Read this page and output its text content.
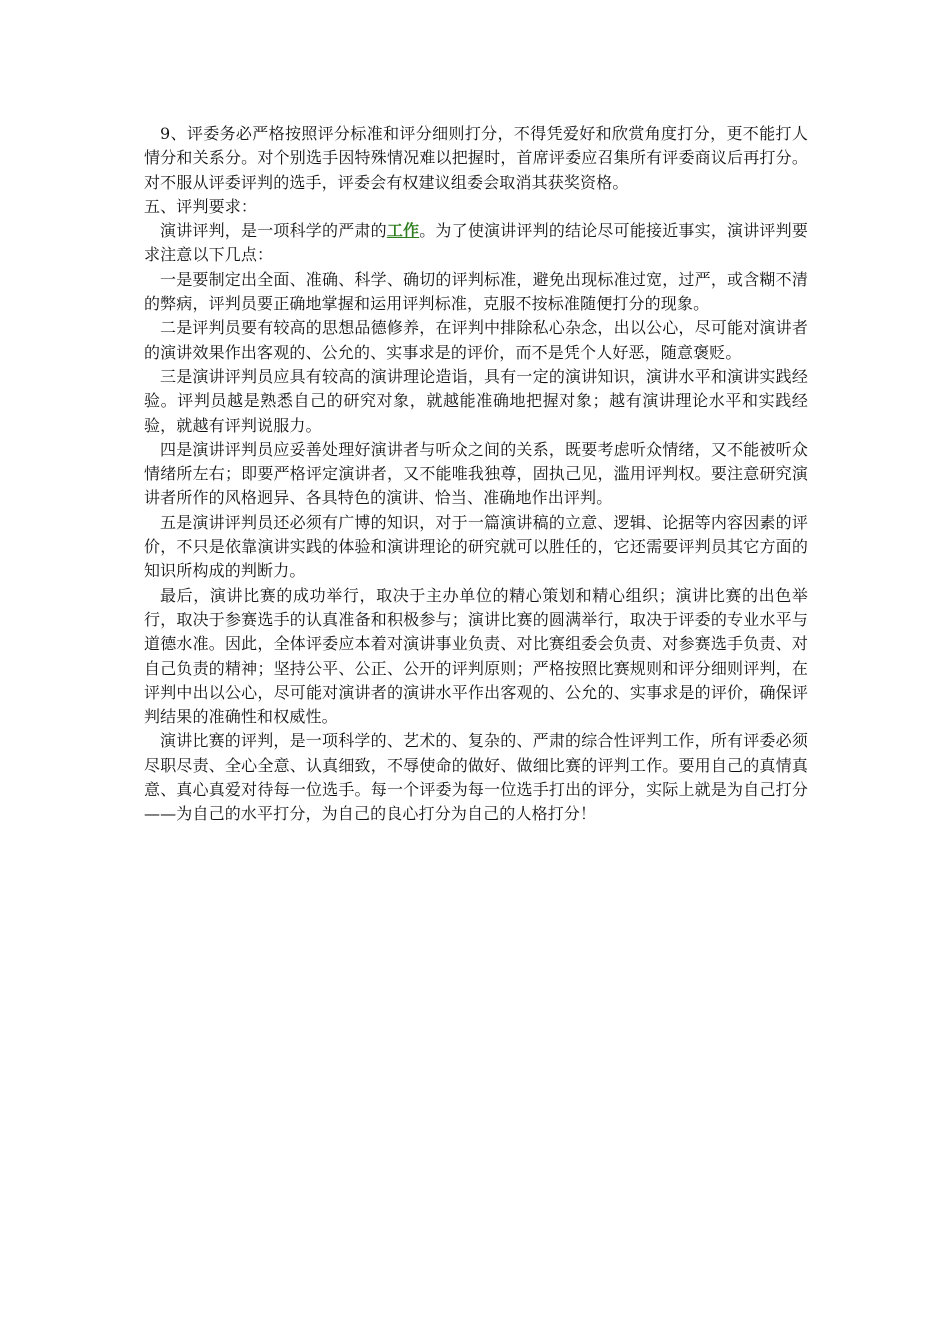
9、评委务必严格按照评分标准和评分细则打分，不得凭爱好和欣赏角度打分，更不能打人情分和关系分。对个别选手因特殊情况难以把握时，首席评委应召集所有评委商议后再打分。对不服从评委评判的选手，评委会有权建议组委会取消其获奖资格。

五、评判要求：

演讲评判，是一项科学的严肃的工作。为了使演讲评判的结论尽可能接近事实，演讲评判要求注意以下几点：

一是要制定出全面、准确、科学、确切的评判标准，避免出现标准过宽，过严，或含糊不清的弊病，评判员要正确地掌握和运用评判标准，克服不按标准随便打分的现象。

二是评判员要有较高的思想品德修养，在评判中排除私心杂念，出以公心，尽可能对演讲者的演讲效果作出客观的、公允的、实事求是的评价，而不是凭个人好恶，随意褒贬。

三是演讲评判员应具有较高的演讲理论造诣，具有一定的演讲知识，演讲水平和演讲实践经验。评判员越是熟悉自己的研究对象，就越能准确地把握对象；越有演讲理论水平和实践经验，就越有评判说服力。

四是演讲评判员应妥善处理好演讲者与听众之间的关系，既要考虑听众情绪，又不能被听众情绪所左右；即要严格评定演讲者，又不能唯我独尊，固执己见，滥用评判权。要注意研究演讲者所作的风格迥异、各具特色的演讲、恰当、准确地作出评判。

五是演讲评判员还必须有广博的知识，对于一篇演讲稿的立意、逻辑、论据等内容因素的评价，不只是依靠演讲实践的体验和演讲理论的研究就可以胜任的，它还需要评判员其它方面的知识所构成的判断力。

最后，演讲比赛的成功举行，取决于主办单位的精心策划和精心组织；演讲比赛的出色举行，取决于参赛选手的认真准备和积极参与；演讲比赛的圆满举行，取决于评委的专业水平与道德水准。因此，全体评委应本着对演讲事业负责、对比赛组委会负责、对参赛选手负责、对自己负责的精神；坚持公平、公正、公开的评判原则；严格按照比赛规则和评分细则评判，在评判中出以公心，尽可能对演讲者的演讲水平作出客观的、公允的、实事求是的评价，确保评判结果的准确性和权威性。

演讲比赛的评判，是一项科学的、艺术的、复杂的、严肃的综合性评判工作，所有评委必须尽职尽责、全心全意、认真细致，不辱使命的做好、做细比赛的评判工作。要用自己的真情真意、真心真爱对待每一位选手。每一个评委为每一位选手打出的评分，实际上就是为自己打分——为自己的水平打分，为自己的良心打分为自己的人格打分！
